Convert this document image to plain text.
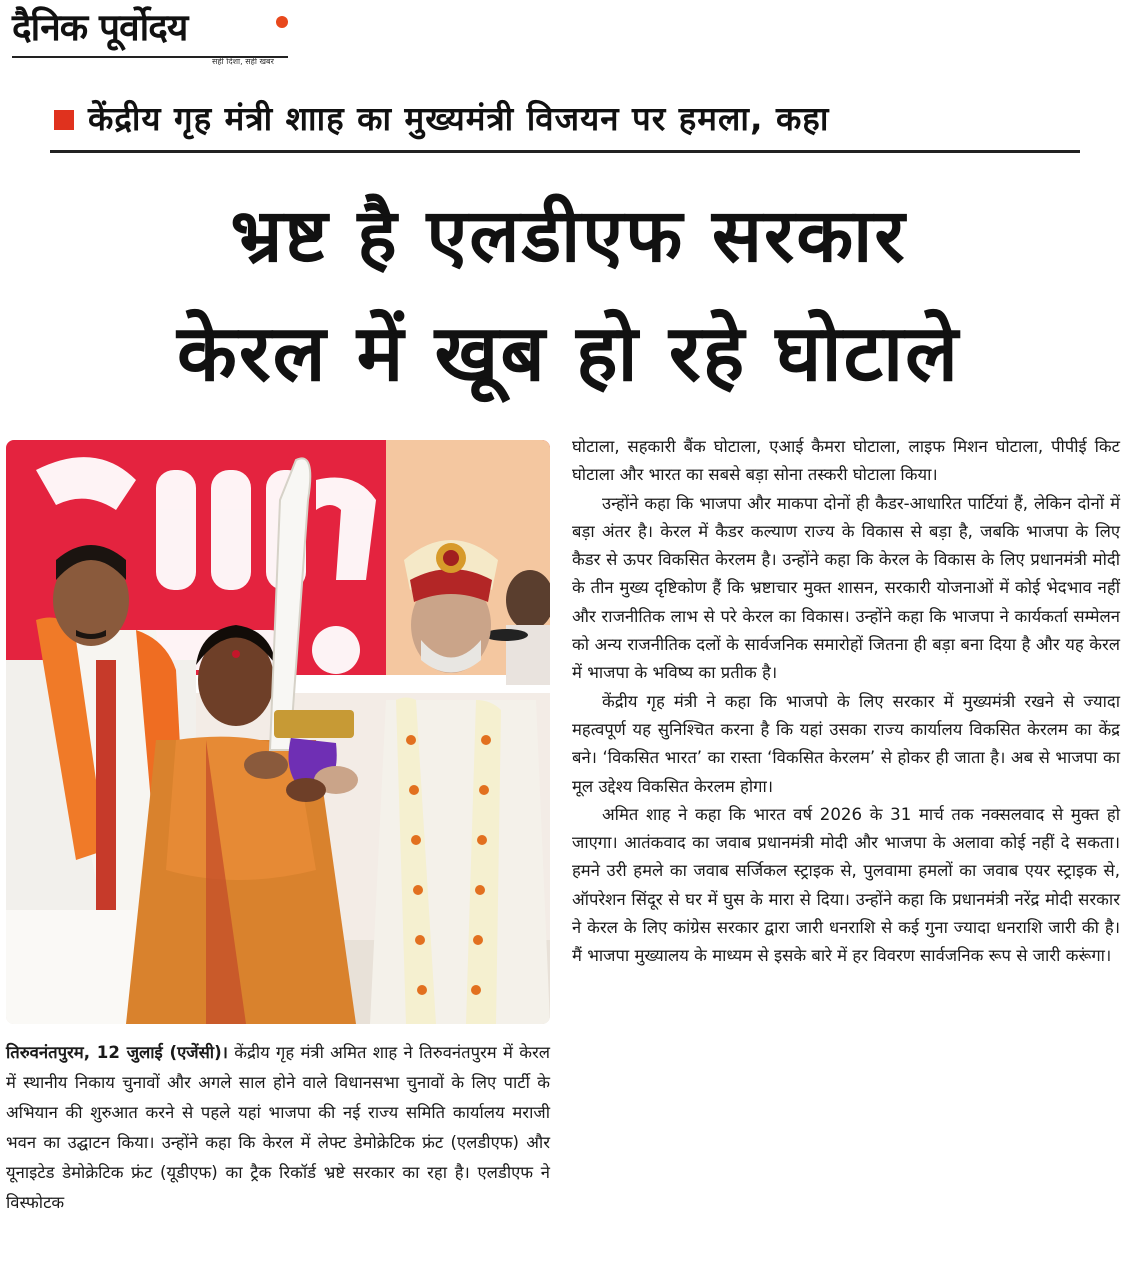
दैनिक पूर्वोदय
सही दिशा, सही खबर
केंद्रीय गृह मंत्री शााह का मुख्यमंत्री विजयन पर हमला, कहा
भ्रष्ट है एलडीएफ सरकार
केरल में खूब हो रहे घोटाले
तिरुवनंतपुरम, 12 जुलाई (एजेंसी)। केंद्रीय गृह मंत्री अमित शाह ने तिरुवनंतपुरम में केरल में स्थानीय निकाय चुनावों और अगले साल होने वाले विधानसभा चुनावों के लिए पार्टी के अभियान की शुरुआत करने से पहले यहां भाजपा की नई राज्य समिति कार्यालय मराजी भवन का उद्घाटन किया। उन्होंने कहा कि केरल में लेफ्ट डेमोक्रेटिक फ्रंट (एलडीएफ) और यूनाइटेड डेमोक्रेटिक फ्रंट (यूडीएफ) का ट्रैक रिकॉर्ड भ्रष्टे सरकार का रहा है। एलडीएफ ने विस्फोटक

घोटाला, सहकारी बैंक घोटाला, एआई कैमरा घोटाला, लाइफ मिशन घोटाला, पीपीई किट घोटाला और भारत का सबसे बड़ा सोना तस्करी घोटाला किया।

उन्होंने कहा कि भाजपा और माकपा दोनों ही कैडर-आधारित पार्टियां हैं, लेकिन दोनों में बड़ा अंतर है। केरल में कैडर कल्याण राज्य के विकास से बड़ा है, जबकि भाजपा के लिए कैडर से ऊपर विकसित केरलम है। उन्होंने कहा कि केरल के विकास के लिए प्रधानमंत्री मोदी के तीन मुख्य दृष्टिकोण हैं कि भ्रष्टाचार मुक्त शासन, सरकारी योजनाओं में कोई भेदभाव नहीं और राजनीतिक लाभ से परे केरल का विकास। उन्होंने कहा कि भाजपा ने कार्यकर्ता सम्मेलन को अन्य राजनीतिक दलों के सार्वजनिक समारोहों जितना ही बड़ा बना दिया है और यह केरल में भाजपा के भविष्य का प्रतीक है।

केंद्रीय गृह मंत्री ने कहा कि भाजपो के लिए सरकार में मुख्यमंत्री रखने से ज्यादा महत्वपूर्ण यह सुनिश्चित करना है कि यहां उसका राज्य कार्यालय विकसित केरलम का केंद्र बने। ‘विकसित भारत’ का रास्ता ‘विकसित केरलम’ से होकर ही जाता है। अब से भाजपा का मूल उद्देश्य विकसित केरलम होगा।

अमित शाह ने कहा कि भारत वर्ष 2026 के 31 मार्च तक नक्सलवाद से मुक्त हो जाएगा। आतंकवाद का जवाब प्रधानमंत्री मोदी और भाजपा के अलावा कोई नहीं दे सकता। हमने उरी हमले का जवाब सर्जिकल स्ट्राइक से, पुलवामा हमलों का जवाब एयर स्ट्राइक से, ऑपरेशन सिंदूर से घर में घुस के मारा से दिया। उन्होंने कहा कि प्रधानमंत्री नरेंद्र मोदी सरकार ने केरल के लिए कांग्रेस सरकार द्वारा जारी धनराशि से कई गुना ज्यादा धनराशि जारी की है। मैं भाजपा मुख्यालय के माध्यम से इसके बारे में हर विवरण सार्वजनिक रूप से जारी करूंगा।
